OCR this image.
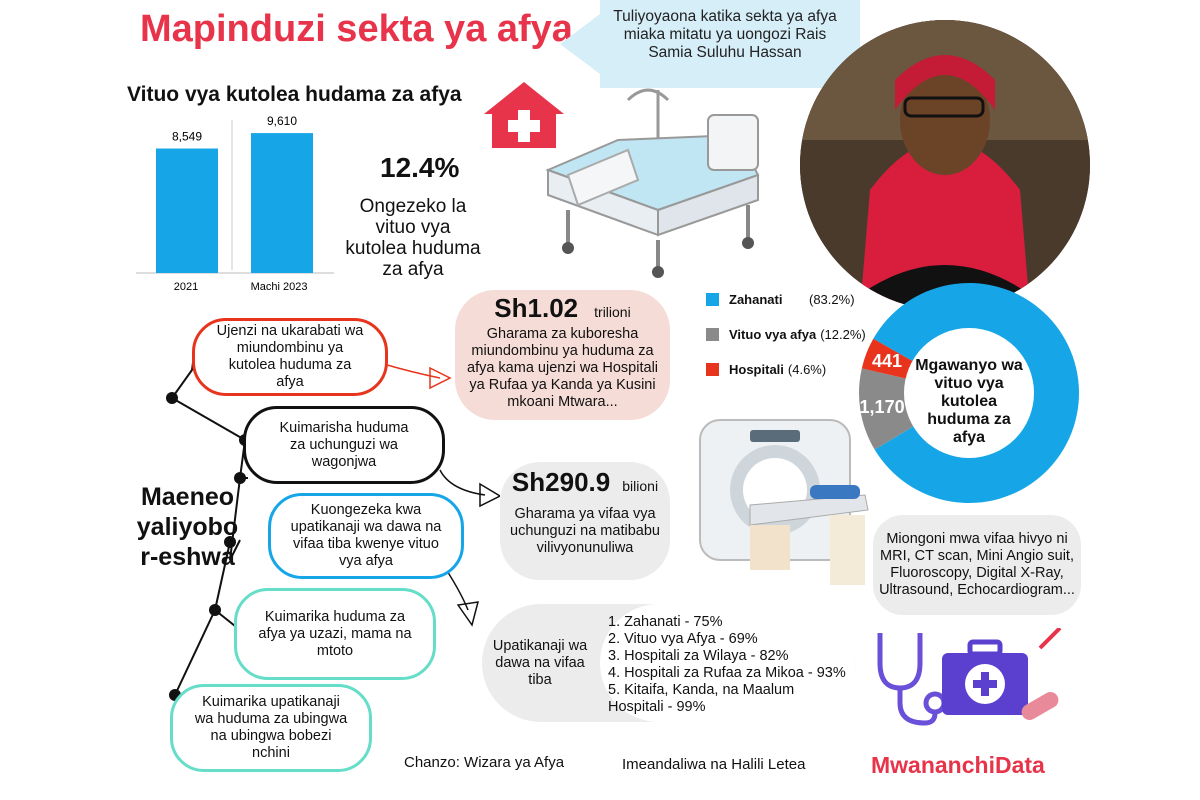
Mapinduzi sekta ya afya
Vituo vya kutolea hudama za afya
Tuliyoyaona katika sekta ya afya miaka mitatu ya uongozi Rais Samia Suluhu Hassan
8,549
9,610
2021	Machi 2023
12.4%
Ongezeko la vituo vya kutolea huduma za afya
Sh1.02 trilioni
Gharama za kuboresha miundombinu ya huduma za afya kama ujenzi wa Hospitali ya Rufaa ya Kanda ya Kusini mkoani Mtwara...
Zahanati	(83.2%)
Vituo vya afya (12.2%)
Hospitali (4.6%)
1,170
441 Mgawanyo wa vituo vya kutolea huduma za afya
Sh290.9 bilioni
Gharama ya vifaa vya uchunguzi na matibabu vilivyonunuliwa
Miongoni mwa vifaa hivyo ni MRI, CT scan, Mini Angio suit, Fluoroscopy, Digital X-Ray, Ultrasound, Echocardiogram...
Ujenzi na ukarabati wa miundombinu ya kutolea huduma za afya
Kuimarisha huduma za uchunguzi wa wagonjwa
Kuongezeka kwa upatikanaji wa dawa na vifaa tiba kwenye vituo vya afya
Kuimarika huduma za afya ya uzazi, mama na mtoto
Kuimarika upatikanaji wa huduma za ubingwa na ubingwa bobezi nchini
Maeneo yaliyobor-eshwa
Upatikanaji wa dawa na vifaa tiba
1. Zahanati - 75%
2. Vituo vya Afya - 69%
3. Hospitali za Wilaya - 82%
4. Hospitali za Rufaa za Mikoa - 93%
5. Kitaifa, Kanda, na Maalum Hospitali - 99%
Chanzo: Wizara ya Afya	Imeandaliwa na Halili Letea	MwananchiData
